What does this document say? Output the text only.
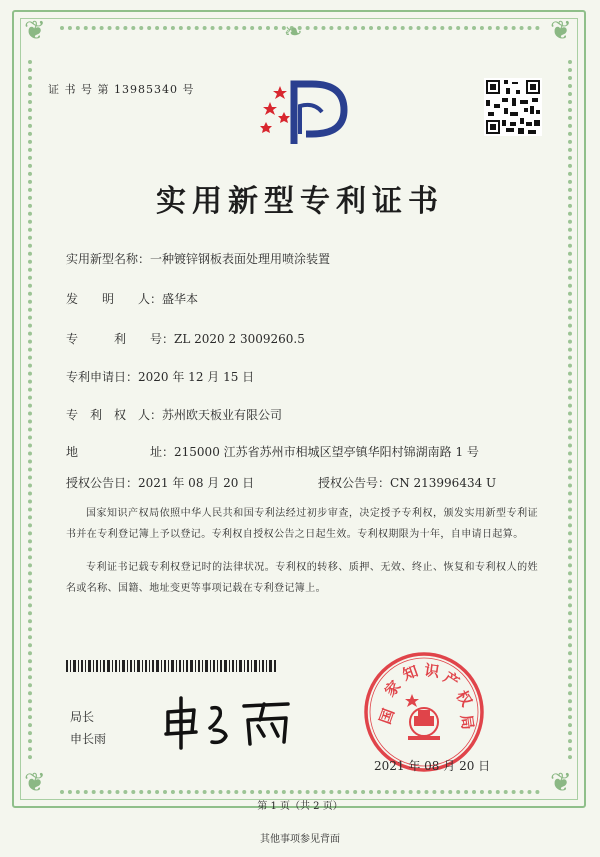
❦	❦
❦	❦
❧
证 书 号 第 13985340 号
实用新型专利证书
实用新型名称：一种镀锌钢板表面处理用喷涂装置
发　　明　　人：盛华本
专　　　利　　号：ZL 2020 2 3009260.5
专利申请日：2020 年 12 月 15 日
专　利　权　人：苏州欧天板业有限公司
地　　　　　　址：215000 江苏省苏州市相城区望亭镇华阳村锦湖南路 1 号
授权公告日：2021 年 08 月 20 日	授权公告号：CN 213996434 U
国家知识产权局依照中华人民共和国专利法经过初步审查，决定授予专利权，颁发实用新型专利证书并在专利登记簿上予以登记。专利权自授权公告之日起生效。专利权期限为十年，自申请日起算。
专利证书记载专利权登记时的法律状况。专利权的转移、质押、无效、终止、恢复和专利权人的姓名或名称、国籍、地址变更等事项记载在专利登记簿上。
局长
申长雨
国
家
知 识 产
权
局
2021 年 08 月 20 日
第 1 页（共 2 页）
其他事项参见背面
